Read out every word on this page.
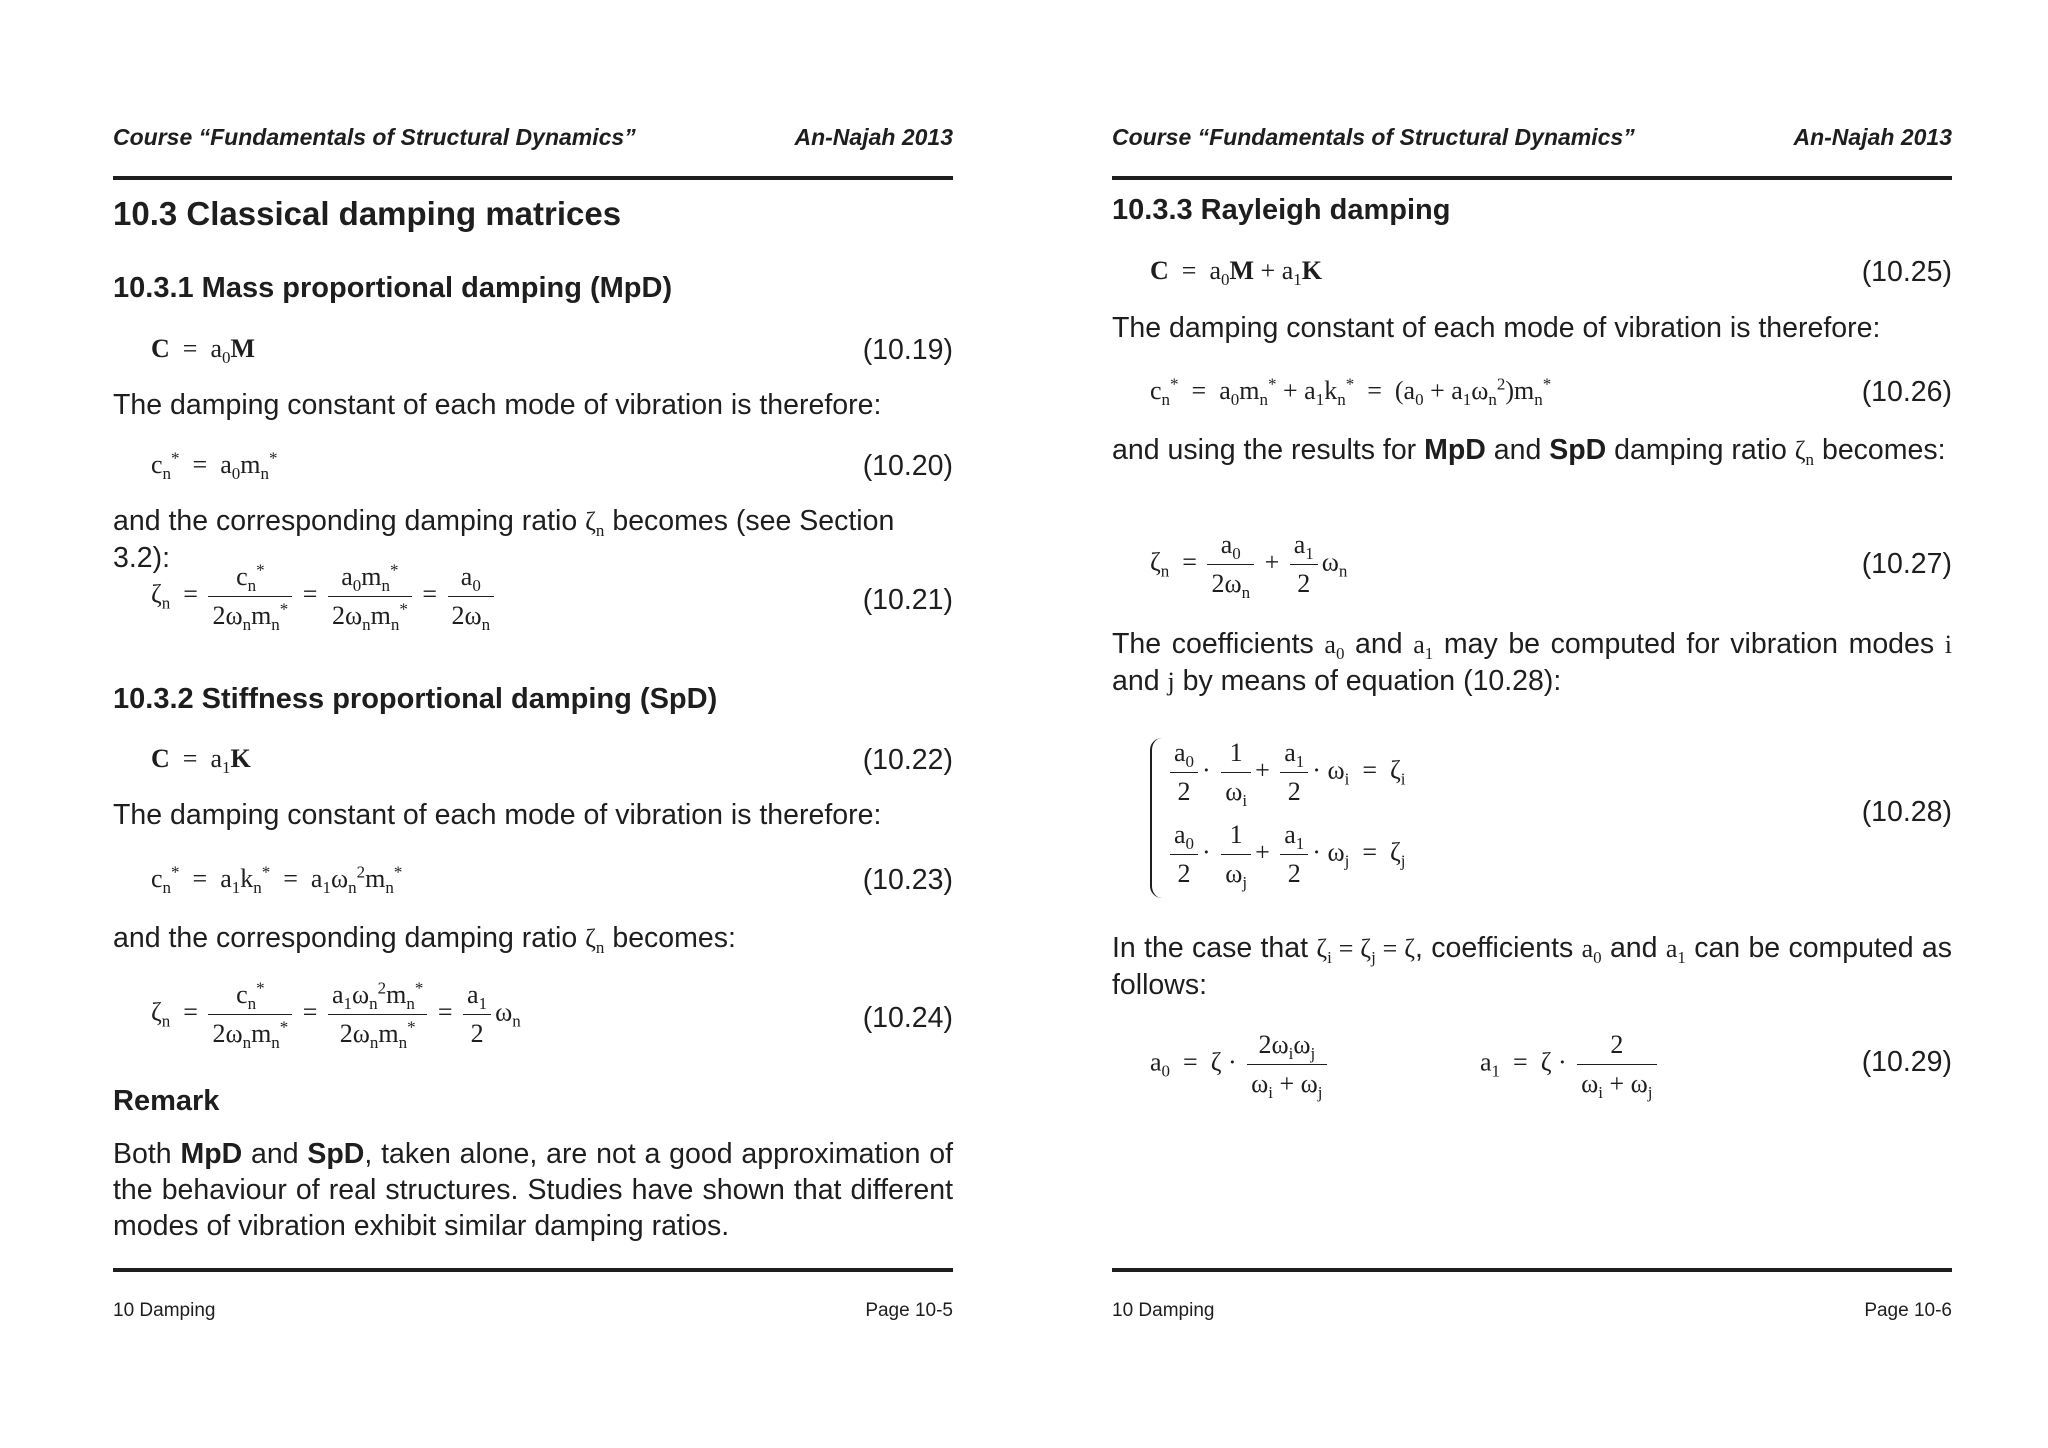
Course “Fundamentals of Structural Dynamics”	An-Najah 2013
10.3 Classical damping matrices
10.3.1 Mass proportional damping (MpD)
$C = a_0M$	(10.19)
The damping constant of each mode of vibration is therefore:
$c_n^* = a_0m_n^*$	(10.20)
and the corresponding damping ratio $\zeta_n$ becomes (see Section 3.2):
$\zeta_n = \frac{c_n^*}{2\omega_nm_n^*} = \frac{a_0m_n^*}{2\omega_nm_n^*} = \frac{a_0}{2\omega_n}$	(10.21)
10.3.2 Stiffness proportional damping (SpD)
$C = a_1K$	(10.22)
The damping constant of each mode of vibration is therefore:
$c_n^* = a_1k_n^* = a_1\omega_n^2m_n^*$	(10.23)
and the corresponding damping ratio $\zeta_n$ becomes:
$\zeta_n = \frac{c_n^*}{2\omega_nm_n^*} = \frac{a_1\omega_n^2m_n^*}{2\omega_nm_n^*} = \frac{a_1}{2} \omega_n$	(10.24)
Remark
Both MpD and SpD, taken alone, are not a good approximation of the behaviour of real structures. Studies have shown that different modes of vibration exhibit similar damping ratios.
10 Damping	Page 10-5
Course “Fundamentals of Structural Dynamics”	An-Najah 2013
10.3.3 Rayleigh damping
$C = a_0M + a_1K$	(10.25)
The damping constant of each mode of vibration is therefore:
$c_n^* = a_0m_n^* + a_1k_n^* = (a_0 + a_1\omega_n^2)m_n^*$	(10.26)
and using the results for MpD and SpD damping ratio $\zeta_n$ becomes:
$\zeta_n = \frac{a_0}{2\omega_n} + \frac{a_1}{2} \omega_n$	(10.27)
The coefficients $a_0$ and $a_1$ may be computed for vibration modes i and j by means of equation (10.28):
$\frac{a_0}{2} \cdot \frac{1}{\omega_i} + \frac{a_1}{2} \cdot \omega_i = \zeta_i$
$\frac{a_0}{2} \cdot \frac{1}{\omega_j} + \frac{a_1}{2} \cdot \omega_j = \zeta_j$
(10.28)
In the case that $\zeta_i = \zeta_j = \zeta$, coefficients $a_0$ and $a_1$ can be computed as follows:
$a_0 = \zeta \cdot \frac{2\omega_i\omega_j}{\omega_i + \omega_j}$	$a_1 = \zeta \cdot \frac{2}{\omega_i + \omega_j}$	(10.29)
10 Damping	Page 10-6
